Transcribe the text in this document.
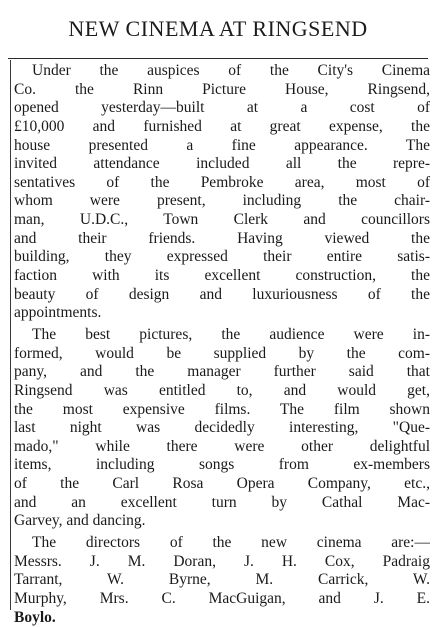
NEW CINEMA AT RINGSEND
Under the auspices of the City's Cinema
Co. the Rinn Picture House, Ringsend,
opened yesterday—built at a cost of
£10,000 and furnished at great expense, the
house presented a fine appearance. The
invited attendance included all the repre-
sentatives of the Pembroke area, most of
whom were present, including the chair-
man, U.D.C., Town Clerk and councillors
and their friends. Having viewed the
building, they expressed their entire satis-
faction with its excellent construction, the
beauty of design and luxuriousness of the
appointments.
The best pictures, the audience were in-
formed, would be supplied by the com-
pany, and the manager further said that
Ringsend was entitled to, and would get,
the most expensive films. The film shown
last night was decidedly interesting, "Que-
mado," while there were other delightful
items, including songs from ex-members
of the Carl Rosa Opera Company, etc.,
and an excellent turn by Cathal Mac-
Garvey, and dancing.
The directors of the new cinema are:—
Messrs. J. M. Doran, J. H. Cox, Padraig
Tarrant, W. Byrne, M. Carrick, W.
Murphy, Mrs. C. MacGuigan, and J. E.
Boylo.
